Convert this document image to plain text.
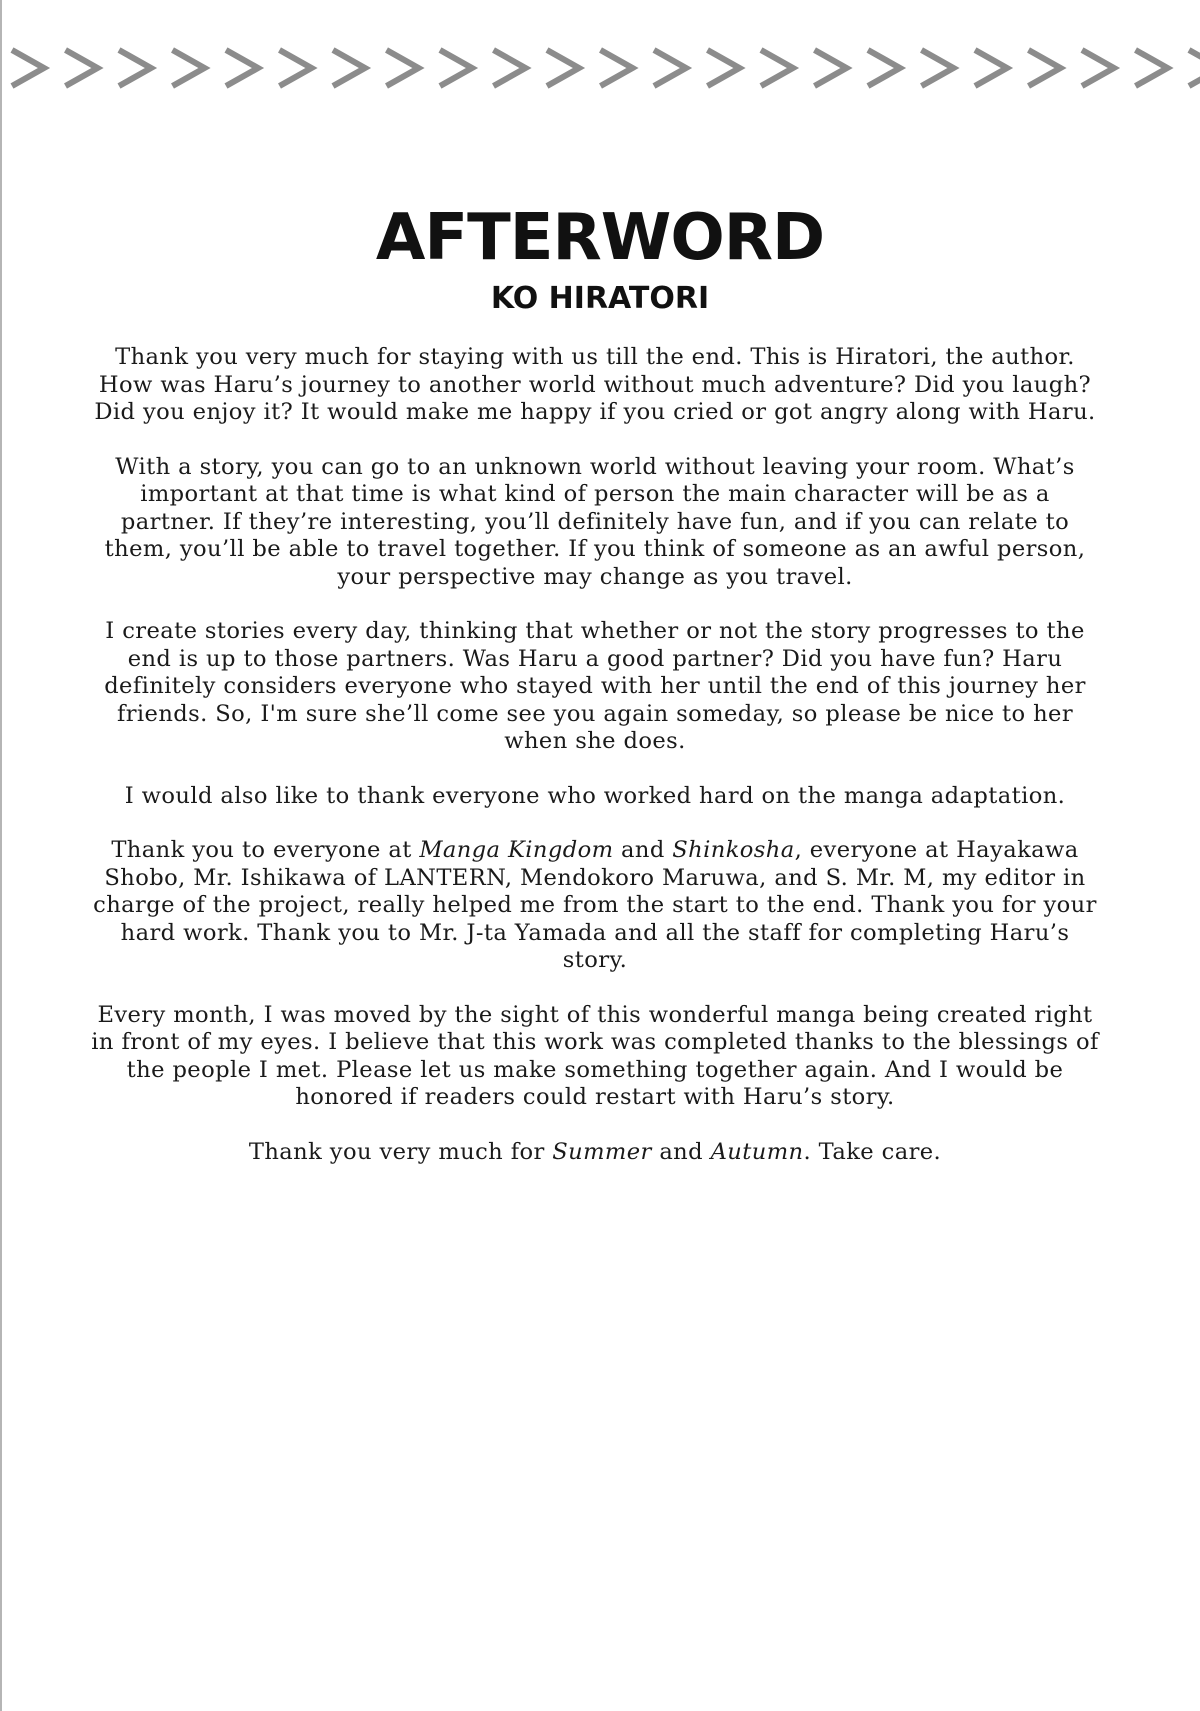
AFTERWORD
KO HIRATORI

Thank you very much for staying with us till the end. This is Hiratori, the author. How was Haru’s journey to another world without much adventure? Did you laugh? Did you enjoy it? It would make me happy if you cried or got angry along with Haru.

With a story, you can go to an unknown world without leaving your room. What’s important at that time is what kind of person the main character will be as a partner. If they’re interesting, you’ll definitely have fun, and if you can relate to them, you’ll be able to travel together. If you think of someone as an awful person, your perspective may change as you travel.

I create stories every day, thinking that whether or not the story progresses to the end is up to those partners. Was Haru a good partner? Did you have fun? Haru definitely considers everyone who stayed with her until the end of this journey her friends. So, I'm sure she’ll come see you again someday, so please be nice to her when she does.

I would also like to thank everyone who worked hard on the manga adaptation.

Thank you to everyone at Manga Kingdom and Shinkosha, everyone at Hayakawa Shobo, Mr. Ishikawa of LANTERN, Mendokoro Maruwa, and S. Mr. M, my editor in charge of the project, really helped me from the start to the end. Thank you for your hard work. Thank you to Mr. J-ta Yamada and all the staff for completing Haru’s story.

Every month, I was moved by the sight of this wonderful manga being created right in front of my eyes. I believe that this work was completed thanks to the blessings of the people I met. Please let us make something together again. And I would be honored if readers could restart with Haru’s story.

Thank you very much for Summer and Autumn. Take care.
